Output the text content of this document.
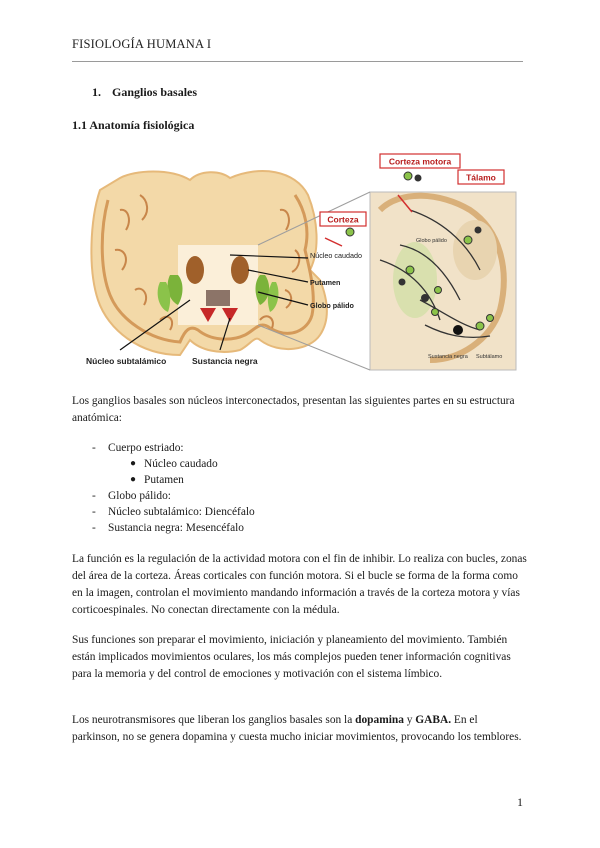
FISIOLOGÍA HUMANA I
1. Ganglios basales
1.1 Anatomía fisiológica
Corteza motora
Tálamo
Corteza
Núcleo caudado
Putamen
Globo pálido
Núcleo subtalámico	Sustancia negra
Globo pálido
Sustancia negra Subtálamo
Los ganglios basales son núcleos interconectados, presentan las siguientes partes en su estructura anatómica:
- Cuerpo estriado:
● Núcleo caudado
● Putamen
- Globo pálido:
- Núcleo subtalámico: Diencéfalo
- Sustancia negra: Mesencéfalo
La función es la regulación de la actividad motora con el fin de inhibir. Lo realiza con bucles, zonas del área de la corteza. Áreas corticales con función motora. Si el bucle se forma de la forma como en la imagen, controlan el movimiento mandando información a través de la corteza motora y vías corticoespinales. No conectan directamente con la médula.
Sus funciones son preparar el movimiento, iniciación y planeamiento del movimiento. También están implicados movimientos oculares, los más complejos pueden tener información cognitivas para la memoria y del control de emociones y motivación con el sistema límbico.
Los neurotransmisores que liberan los ganglios basales son la dopamina y GABA. En el parkinson, no se genera dopamina y cuesta mucho iniciar movimientos, provocando los temblores.
1
